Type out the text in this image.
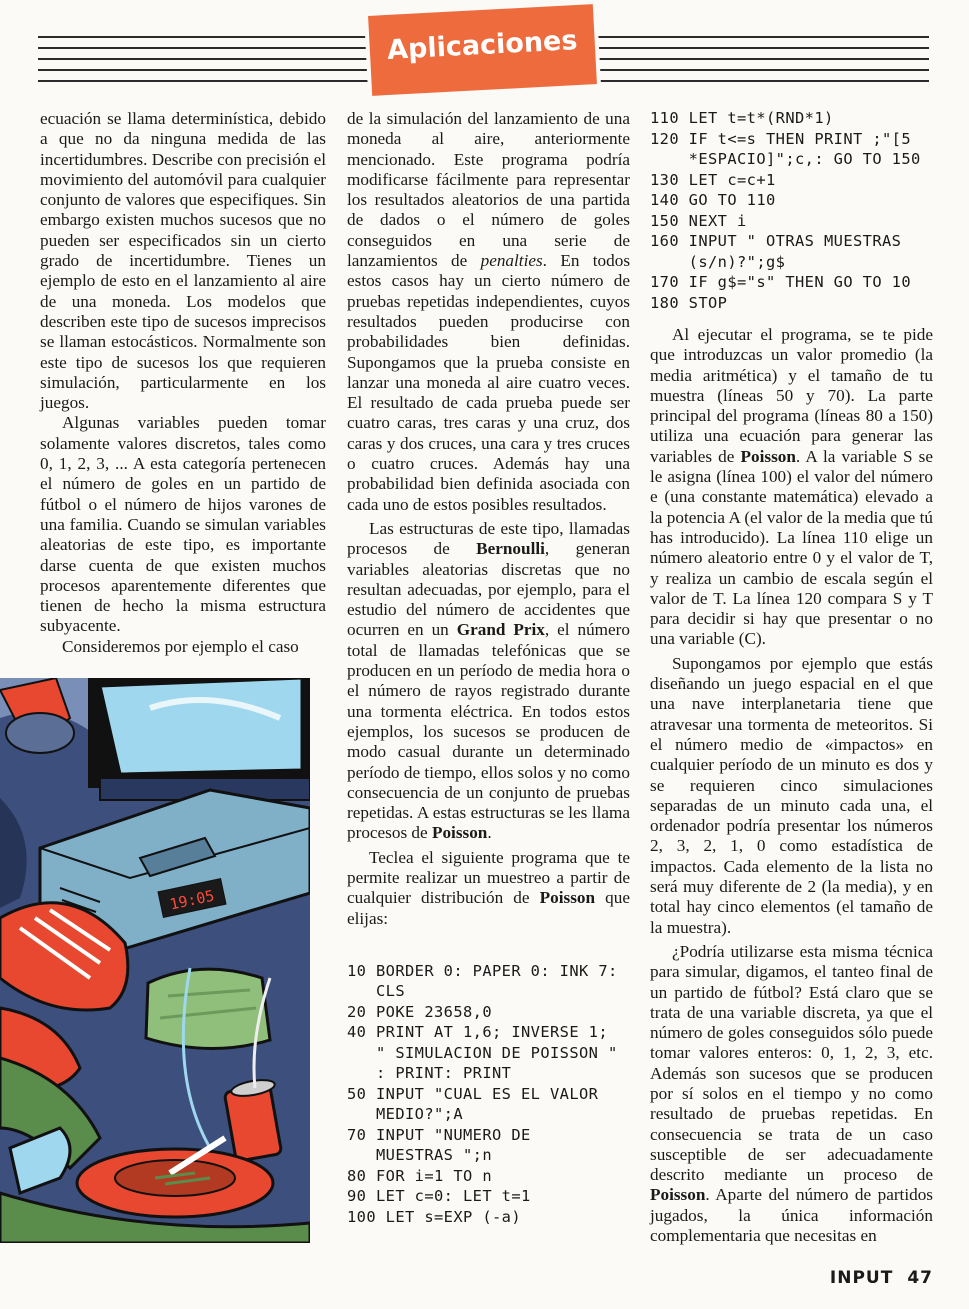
Aplicaciones

ecuación se llama determinística, debido a que no da ninguna medida de las incertidumbres. Describe con precisión el movimiento del automóvil para cualquier conjunto de valores que especifiques. Sin embargo existen muchos sucesos que no pueden ser especificados sin un cierto grado de incertidumbre. Tienes un ejemplo de esto en el lanzamiento al aire de una moneda. Los modelos que describen este tipo de sucesos imprecisos se llaman estocásticos. Normalmente son este tipo de sucesos los que requieren simulación, particularmente en los juegos.

Algunas variables pueden tomar solamente valores discretos, tales como 0, 1, 2, 3, ... A esta categoría pertenecen el número de goles en un partido de fútbol o el número de hijos varones de una familia. Cuando se simulan variables aleatorias de este tipo, es importante darse cuenta de que existen muchos procesos aparentemente diferentes que tienen de hecho la misma estructura subyacente.

Consideremos por ejemplo el caso

19:05

de la simulación del lanzamiento de una moneda al aire, anteriormente mencionado. Este programa podría modificarse fácilmente para representar los resultados aleatorios de una partida de dados o el número de goles conseguidos en una serie de lanzamientos de penalties. En todos estos casos hay un cierto número de pruebas repetidas independientes, cuyos resultados pueden producirse con probabilidades bien definidas. Supongamos que la prueba consiste en lanzar una moneda al aire cuatro veces. El resultado de cada prueba puede ser cuatro caras, tres caras y una cruz, dos caras y dos cruces, una cara y tres cruces o cuatro cruces. Además hay una probabilidad bien definida asociada con cada uno de estos posibles resultados.

Las estructuras de este tipo, llamadas procesos de Bernoulli, generan variables aleatorias discretas que no resultan adecuadas, por ejemplo, para el estudio del número de accidentes que ocurren en un Grand Prix, el número total de llamadas telefónicas que se producen en un período de media hora o el número de rayos registrado durante una tormenta eléctrica. En todos estos ejemplos, los sucesos se producen de modo casual durante un determinado período de tiempo, ellos solos y no como consecuencia de un conjunto de pruebas repetidas. A estas estructuras se les llama procesos de Poisson.

Teclea el siguiente programa que te permite realizar un muestreo a partir de cualquier distribución de Poisson que elijas:

10 BORDER 0: PAPER 0: INK 7:
CLS
20 POKE 23658,0
40 PRINT AT 1,6; INVERSE 1;
" SIMULACION DE POISSON "
: PRINT: PRINT
50 INPUT "CUAL ES EL VALOR
MEDIO?";A
70 INPUT "NUMERO DE
MUESTRAS ";n
80 FOR i=1 TO n
90 LET c=0: LET t=1
100 LET s=EXP (-a)
110 LET t=t*(RND*1)
120 IF t<=s THEN PRINT ;"[5
*ESPACIO]";c,: GO TO 150
130 LET c=c+1
140 GO TO 110
150 NEXT i
160 INPUT " OTRAS MUESTRAS
(s/n)?";g$
170 IF g$="s" THEN GO TO 10
180 STOP

Al ejecutar el programa, se te pide que introduzcas un valor promedio (la media aritmética) y el tamaño de tu muestra (líneas 50 y 70). La parte principal del programa (líneas 80 a 150) utiliza una ecuación para generar las variables de Poisson. A la variable S se le asigna (línea 100) el valor del número e (una constante matemática) elevado a la potencia A (el valor de la media que tú has introducido). La línea 110 elige un número aleatorio entre 0 y el valor de T, y realiza un cambio de escala según el valor de T. La línea 120 compara S y T para decidir si hay que presentar o no una variable (C).

Supongamos por ejemplo que estás diseñando un juego espacial en el que una nave interplanetaria tiene que atravesar una tormenta de meteoritos. Si el número medio de «impactos» en cualquier período de un minuto es dos y se requieren cinco simulaciones separadas de un minuto cada una, el ordenador podría presentar los números 2, 3, 2, 1, 0 como estadística de impactos. Cada elemento de la lista no será muy diferente de 2 (la media), y en total hay cinco elementos (el tamaño de la muestra).

¿Podría utilizarse esta misma técnica para simular, digamos, el tanteo final de un partido de fútbol? Está claro que se trata de una variable discreta, ya que el número de goles conseguidos sólo puede tomar valores enteros: 0, 1, 2, 3, etc. Además son sucesos que se producen por sí solos en el tiempo y no como resultado de pruebas repetidas. En consecuencia se trata de un caso susceptible de ser adecuadamente descrito mediante un proceso de Poisson. Aparte del número de partidos jugados, la única información complementaria que necesitas en

INPUT 47
